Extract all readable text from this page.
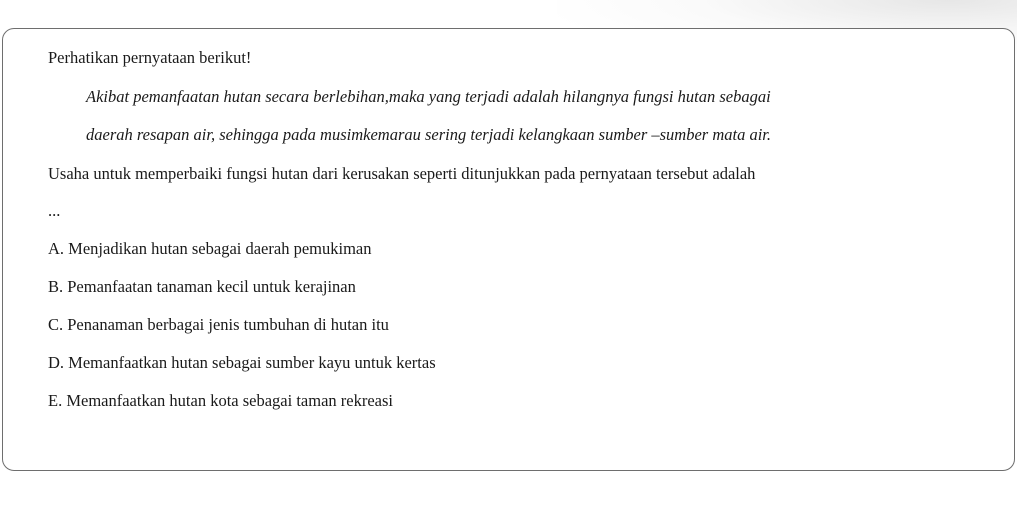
Perhatikan pernyataan berikut!

Akibat pemanfaatan hutan secara berlebihan,maka yang terjadi adalah hilangnya fungsi hutan sebagai

daerah resapan air, sehingga pada musimkemarau sering terjadi kelangkaan sumber –sumber mata air.

Usaha untuk memperbaiki fungsi hutan dari kerusakan seperti ditunjukkan pada pernyataan tersebut adalah

...

A. Menjadikan hutan sebagai daerah pemukiman

B. Pemanfaatan tanaman kecil untuk kerajinan

C. Penanaman berbagai jenis tumbuhan di hutan itu

D. Memanfaatkan hutan sebagai sumber kayu untuk kertas

E. Memanfaatkan hutan kota sebagai taman rekreasi
